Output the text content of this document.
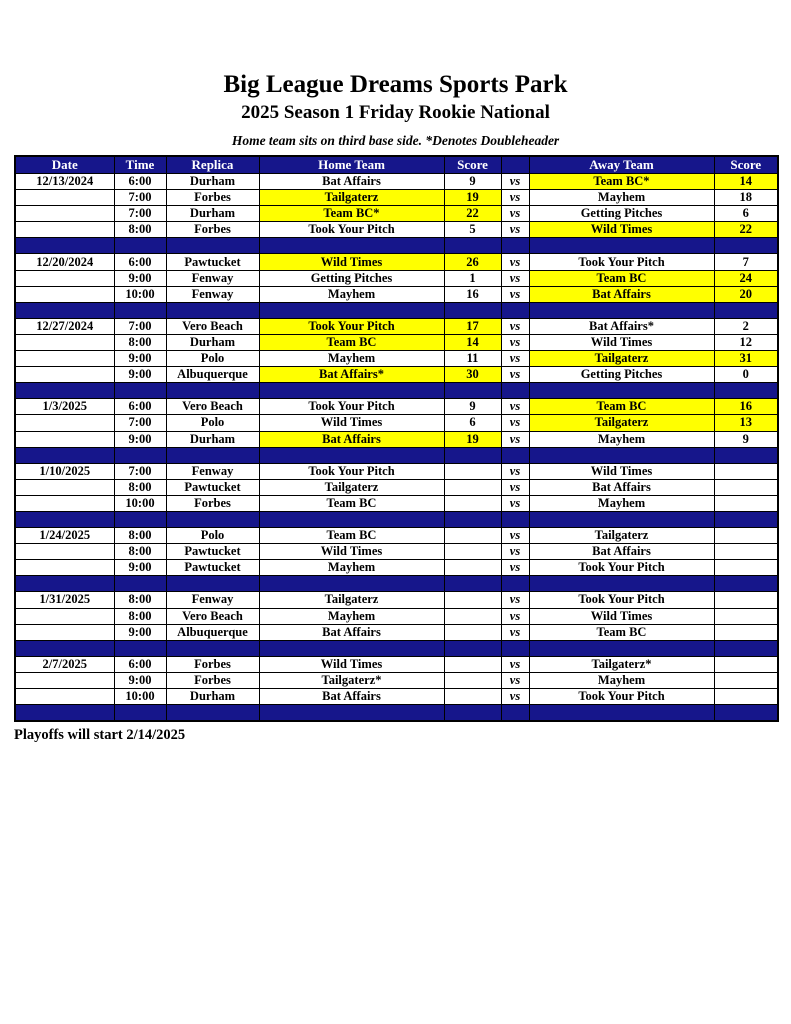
Big League Dreams Sports Park
2025 Season 1 Friday Rookie National
Home team sits on third base side. *Denotes Doubleheader
Date	Time	Replica	Home Team	Score		Away Team	Score
12/13/2024	6:00	Durham	Bat Affairs	9	vs	Team BC*	14
	7:00	Forbes	Tailgaterz	19	vs	Mayhem	18
	7:00	Durham	Team BC*	22	vs	Getting Pitches	6
	8:00	Forbes	Took Your Pitch	5	vs	Wild Times	22

12/20/2024	6:00	Pawtucket	Wild Times	26	vs	Took Your Pitch	7
	9:00	Fenway	Getting Pitches	1	vs	Team BC	24
	10:00	Fenway	Mayhem	16	vs	Bat Affairs	20

12/27/2024	7:00	Vero Beach	Took Your Pitch	17	vs	Bat Affairs*	2
	8:00	Durham	Team BC	14	vs	Wild Times	12
	9:00	Polo	Mayhem	11	vs	Tailgaterz	31
	9:00	Albuquerque	Bat Affairs*	30	vs	Getting Pitches	0

1/3/2025	6:00	Vero Beach	Took Your Pitch	9	vs	Team BC	16
	7:00	Polo	Wild Times	6	vs	Tailgaterz	13
	9:00	Durham	Bat Affairs	19	vs	Mayhem	9

1/10/2025	7:00	Fenway	Took Your Pitch		vs	Wild Times	
	8:00	Pawtucket	Tailgaterz		vs	Bat Affairs	
	10:00	Forbes	Team BC		vs	Mayhem	

1/24/2025	8:00	Polo	Team BC		vs	Tailgaterz	
	8:00	Pawtucket	Wild Times		vs	Bat Affairs	
	9:00	Pawtucket	Mayhem		vs	Took Your Pitch	

1/31/2025	8:00	Fenway	Tailgaterz		vs	Took Your Pitch	
	8:00	Vero Beach	Mayhem		vs	Wild Times	
	9:00	Albuquerque	Bat Affairs		vs	Team BC	

2/7/2025	6:00	Forbes	Wild Times		vs	Tailgaterz*	
	9:00	Forbes	Tailgaterz*		vs	Mayhem	
	10:00	Durham	Bat Affairs		vs	Took Your Pitch	

Playoffs will start 2/14/2025
